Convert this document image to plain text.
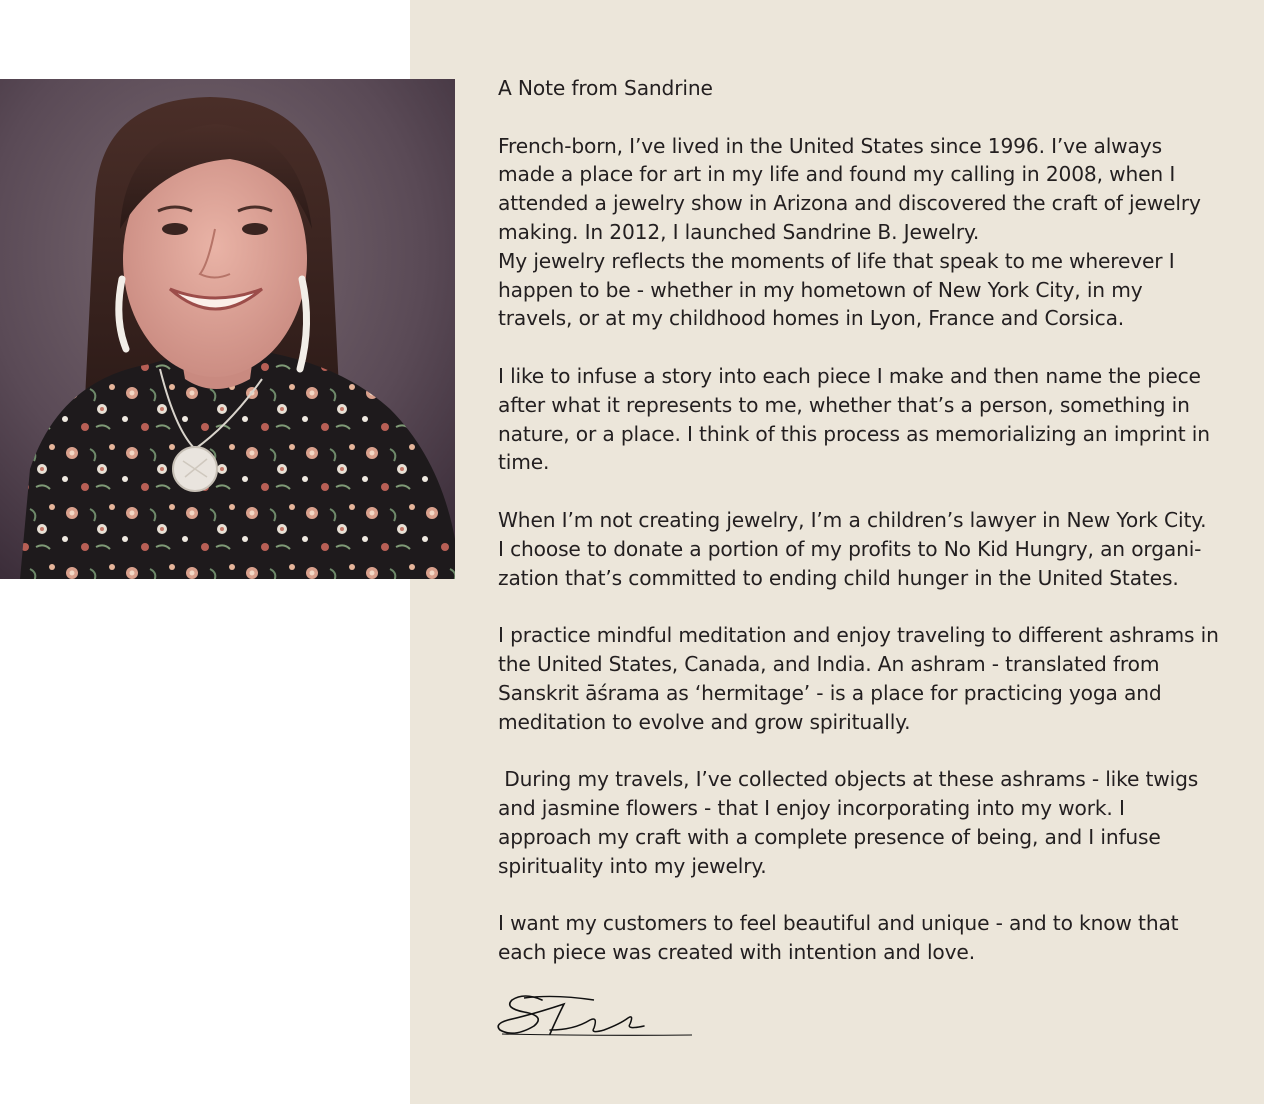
A Note from Sandrine
French-born, I’ve lived in the United States since 1996. I’ve always
made a place for art in my life and found my calling in 2008, when I
attended a jewelry show in Arizona and discovered the craft of jewelry
making. In 2012, I launched Sandrine B. Jewelry.
My jewelry reflects the moments of life that speak to me wherever I
happen to be - whether in my hometown of New York City, in my
travels, or at my childhood homes in Lyon, France and Corsica.
I like to infuse a story into each piece I make and then name the piece
after what it represents to me, whether that’s a person, something in
nature, or a place. I think of this process as memorializing an imprint in
time.
When I’m not creating jewelry, I’m a children’s lawyer in New York City.
I choose to donate a portion of my profits to No Kid Hungry, an organi-
zation that’s committed to ending child hunger in the United States.
I practice mindful meditation and enjoy traveling to different ashrams in
the United States, Canada, and India. An ashram - translated from
Sanskrit āśrama as ‘hermitage’ - is a place for practicing yoga and
meditation to evolve and grow spiritually.
During my travels, I’ve collected objects at these ashrams - like twigs
and jasmine flowers - that I enjoy incorporating into my work. I
approach my craft with a complete presence of being, and I infuse
spirituality into my jewelry.
I want my customers to feel beautiful and unique - and to know that
each piece was created with intention and love.
